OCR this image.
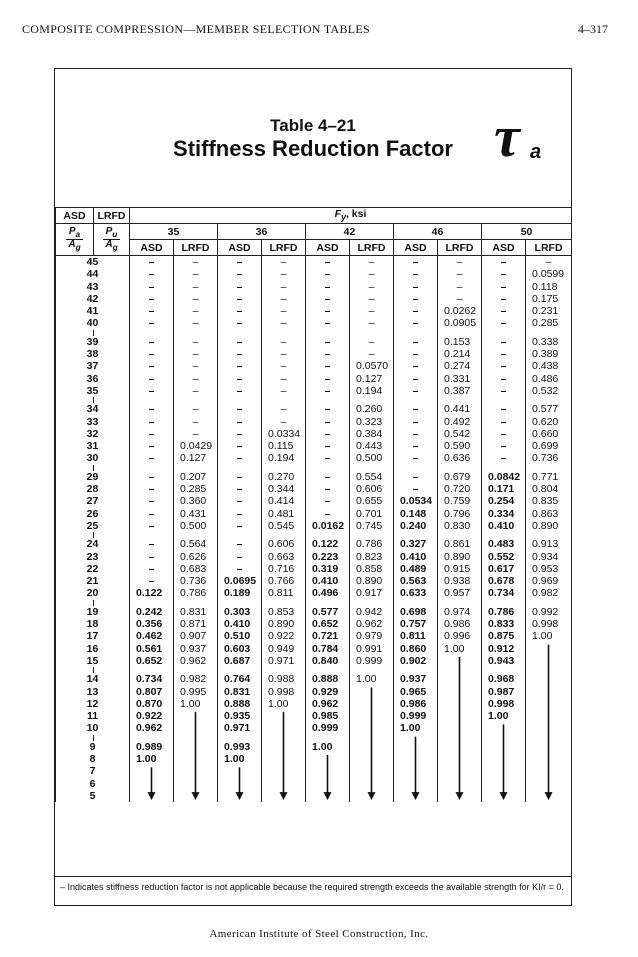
COMPOSITE COMPRESSION—MEMBER SELECTION TABLES	4–317
Table 4–21
Stiffness Reduction Factor τ a
ASD	LRFD	$F_y$, ksi									

$\frac{P_a}{A_g}$	$\frac{P_u}{A_g}$	35		36		42		46		50	
		ASD	LRFD	ASD	LRFD	ASD	LRFD	ASD	LRFD	ASD	LRFD
45		–	–	–	–	–	–	–	–	–	–
44		–	–	–	–	–	–	–	–	–	0.0599
43		–	–	–	–	–	–	–	–	–	0.118
42		–	–	–	–	–	–	–	–	–	0.175
41		–	–	–	–	–	–	–	0.0262	–	0.231
40		–	–	–	–	–	–	–	0.0905	–	0.285

39		–	–	–	–	–	–	–	0.153	–	0.338
38		–	–	–	–	–	–	–	0.214	–	0.389
37		–	–	–	–	–	0.0570	–	0.274	–	0.438
36		–	–	–	–	–	0.127	–	0.331	–	0.486
35		–	–	–	–	–	0.194	–	0.387	–	0.532

34		–	–	–	–	–	0.260	–	0.441	–	0.577
33		–	–	–	–	–	0.323	–	0.492	–	0.620
32		–	–	–	0.0334	–	0.384	–	0.542	–	0.660
31		–	0.0429	–	0.115	–	0.443	–	0.590	–	0.699
30		–	0.127	–	0.194	–	0.500	–	0.636	–	0.736

29		–	0.207	–	0.270	–	0.554	–	0.679	0.0842	0.771
28		–	0.285	–	0.344	–	0.606	–	0.720	0.171	0.804
27		–	0.360	–	0.414	–	0.655	0.0534	0.759	0.254	0.835
26		–	0.431	–	0.481	–	0.701	0.148	0.796	0.334	0.863
25		–	0.500	–	0.545	0.0162	0.745	0.240	0.830	0.410	0.890

24		–	0.564	–	0.606	0.122	0.786	0.327	0.861	0.483	0.913
23		–	0.626	–	0.663	0.223	0.823	0.410	0.890	0.552	0.934
22		–	0.683	–	0.716	0.319	0.858	0.489	0.915	0.617	0.953
21		–	0.736	0.0695	0.766	0.410	0.890	0.563	0.938	0.678	0.969
20		0.122	0.786	0.189	0.811	0.496	0.917	0.633	0.957	0.734	0.982

19		0.242	0.831	0.303	0.853	0.577	0.942	0.698	0.974	0.786	0.992
18		0.356	0.871	0.410	0.890	0.652	0.962	0.757	0.986	0.833	0.998
17		0.462	0.907	0.510	0.922	0.721	0.979	0.811	0.996	0.875	1.00
16		0.561	0.937	0.603	0.949	0.784	0.991	0.860	1.00	0.912	
15		0.652	0.962	0.687	0.971	0.840	0.999	0.902		0.943	

14		0.734	0.982	0.764	0.988	0.888	1.00	0.937		0.968	
13		0.807	0.995	0.831	0.998	0.929		0.965		0.987	
12		0.870	1.00	0.888	1.00	0.962		0.986		0.998	
11		0.922		0.935		0.985		0.999		1.00	
10		0.962		0.971		0.999		1.00			

9		0.989		0.993		1.00					
8		1.00		1.00							
7											
6											
5											
– Indicates stiffness reduction factor is not applicable because the required strength exceeds the available strength for KI/r = 0.
American Institute of Steel Construction, Inc.
